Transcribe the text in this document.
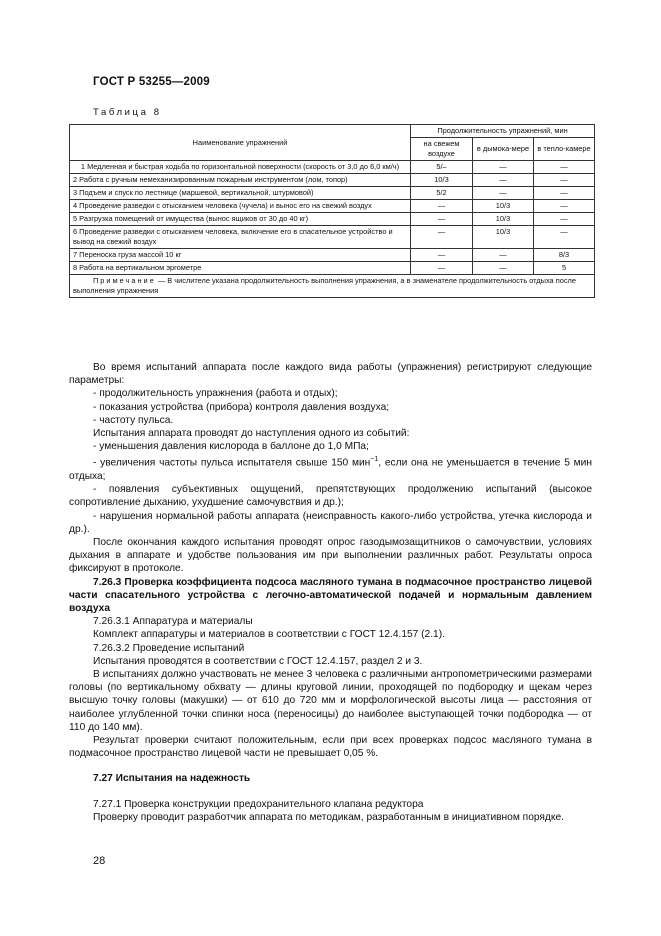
ГОСТ Р 53255—2009
Таблица 8
Наименование упражнений	Продолжительность упражнений, мин		
	на свежем воздухе	в дымока-мере	в тепло-камере
1 Медленная и быстрая ходьба по горизонтальной поверхности (скорость от 3,0 до 6,0 км/ч)	5/–	—	—
2 Работа с ручным немеханизированным пожарным инструментом (лом, топор)	10/3	—	—
3 Подъем и спуск по лестнице (маршевой, вертикальной, штурмовой)	5/2	—	—
4 Проведение разведки с отысканием человека (чучела) и вынос его на свежий воздух	—	10/3	—
5 Разгрузка помещений от имущества (вынос ящиков от 30 до 40 кг)	—	10/3	—
6 Проведение разведки с отысканием человека, включение его в спасательное устройство и вывод на свежий воздух	—	10/3	—
7 Переноска груза массой 10 кг	—	—	8/3
8 Работа на вертикальном эргометре	—	—	5
Примечание — В числителе указана продолжительность выполнения упражнения, а в знаменателе продолжительность отдыха после выполнения упражнения			

Во время испытаний аппарата после каждого вида работы (упражнения) регистрируют следующие параметры:

- продолжительность упражнения (работа и отдых);

- показания устройства (прибора) контроля давления воздуха;

- частоту пульса.

Испытания аппарата проводят до наступления одного из событий:

- уменьшения давления кислорода в баллоне до 1,0 МПа;

- увеличения частоты пульса испытателя свыше 150 мин$^{-1}$, если она не уменьшается в течение 5 мин отдыха;

- появления субъективных ощущений, препятствующих продолжению испытаний (высокое сопротивление дыханию, ухудшение самочувствия и др.);

- нарушения нормальной работы аппарата (неисправность какого-либо устройства, утечка кислорода и др.).

После окончания каждого испытания проводят опрос газодымозащитников о самочувствии, условиях дыхания в аппарате и удобстве пользования им при выполнении различных работ. Результаты опроса фиксируют в протоколе.

7.26.3 Проверка коэффициента подсоса масляного тумана в подмасочное пространство лицевой части спасательного устройства с легочно-автоматической подачей и нормальным давлением воздуха

7.26.3.1 Аппаратура и материалы

Комплект аппаратуры и материалов в соответствии с ГОСТ 12.4.157 (2.1).

7.26.3.2 Проведение испытаний

Испытания проводятся в соответствии с ГОСТ 12.4.157, раздел 2 и 3.

В испытаниях должно участвовать не менее 3 человека с различными антропометрическими размерами головы (по вертикальному обхвату — длины круговой линии, проходящей по подбородку и щекам через высшую точку головы (макушки) — от 610 до 720 мм и морфологической высоты лица — расстояния от наиболее углубленной точки спинки носа (переносицы) до наиболее выступающей точки подбородка — от 110 до 140 мм).

Результат проверки считают положительным, если при всех проверках подсос масляного тумана в подмасочное пространство лицевой части не превышает 0,05 %.

7.27 Испытания на надежность

7.27.1 Проверка конструкции предохранительного клапана редуктора

Проверку проводит разработчик аппарата по методикам, разработанным в инициативном порядке.

28
